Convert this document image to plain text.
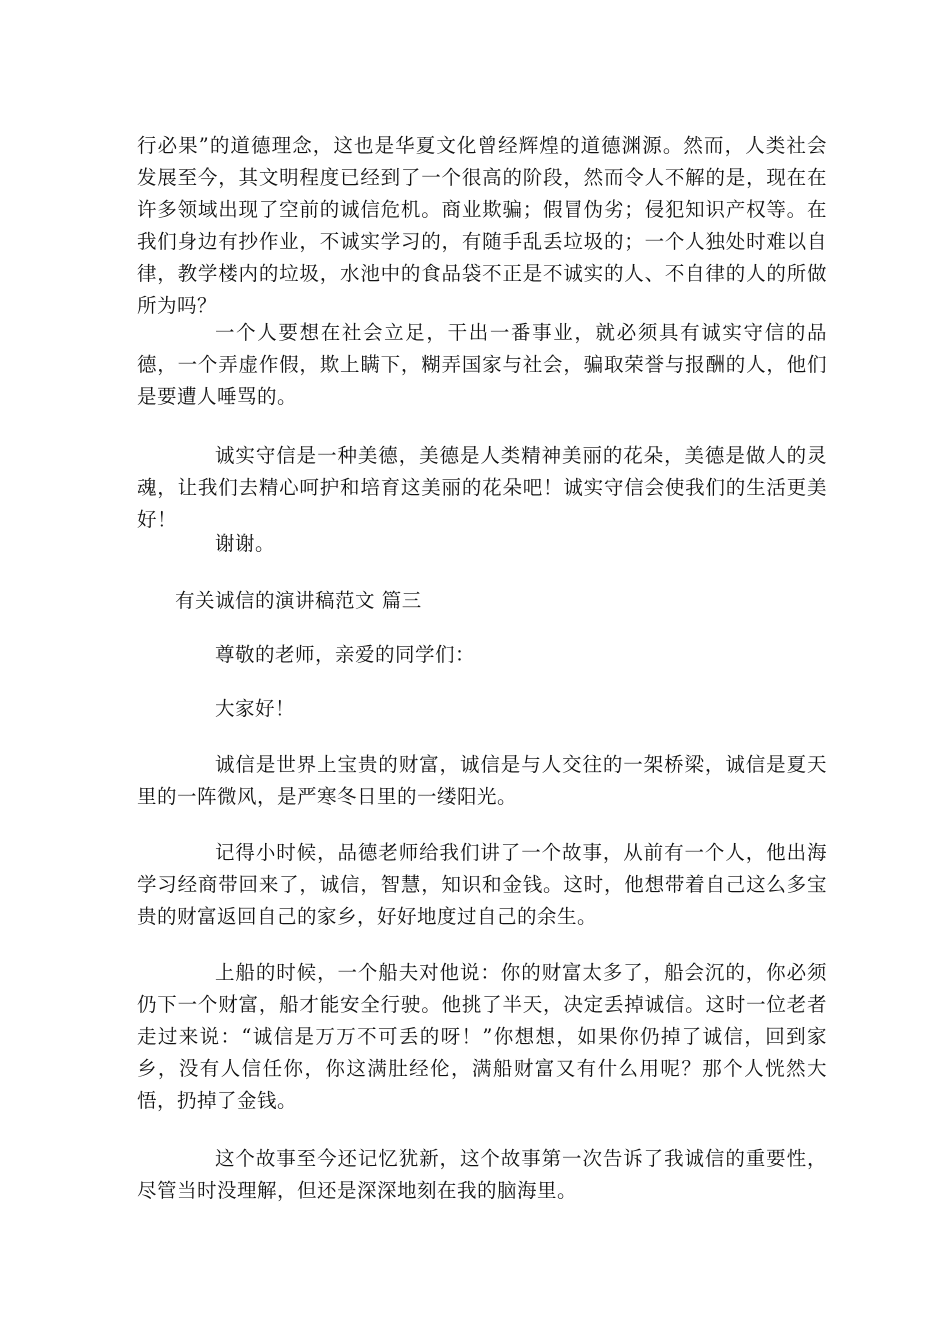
行必果”的道德理念，这也是华夏文化曾经辉煌的道德渊源。然而，人类社会发展至今，其文明程度已经到了一个很高的阶段，然而令人不解的是，现在在许多领域出现了空前的诚信危机。商业欺骗；假冒伪劣；侵犯知识产权等。在我们身边有抄作业，不诚实学习的，有随手乱丢垃圾的；一个人独处时难以自律，教学楼内的垃圾，水池中的食品袋不正是不诚实的人、不自律的人的所做所为吗？

一个人要想在社会立足，干出一番事业，就必须具有诚实守信的品德，一个弄虚作假，欺上瞒下，糊弄国家与社会，骗取荣誉与报酬的人，他们是要遭人唾骂的。

诚实守信是一种美德，美德是人类精神美丽的花朵，美德是做人的灵魂，让我们去精心呵护和培育这美丽的花朵吧！诚实守信会使我们的生活更美好！

谢谢。

有关诚信的演讲稿范文 篇三

尊敬的老师，亲爱的同学们：

大家好！

诚信是世界上宝贵的财富，诚信是与人交往的一架桥梁，诚信是夏天里的一阵微风，是严寒冬日里的一缕阳光。

记得小时候，品德老师给我们讲了一个故事，从前有一个人，他出海学习经商带回来了，诚信，智慧，知识和金钱。这时，他想带着自己这么多宝贵的财富返回自己的家乡，好好地度过自己的余生。

上船的时候，一个船夫对他说：你的财富太多了，船会沉的，你必须仍下一个财富，船才能安全行驶。他挑了半天，决定丢掉诚信。这时一位老者走过来说：“诚信是万万不可丢的呀！”你想想，如果你仍掉了诚信，回到家乡，没有人信任你，你这满肚经伦，满船财富又有什么用呢？那个人恍然大悟，扔掉了金钱。

这个故事至今还记忆犹新，这个故事第一次告诉了我诚信的重要性，尽管当时没理解，但还是深深地刻在我的脑海里。
